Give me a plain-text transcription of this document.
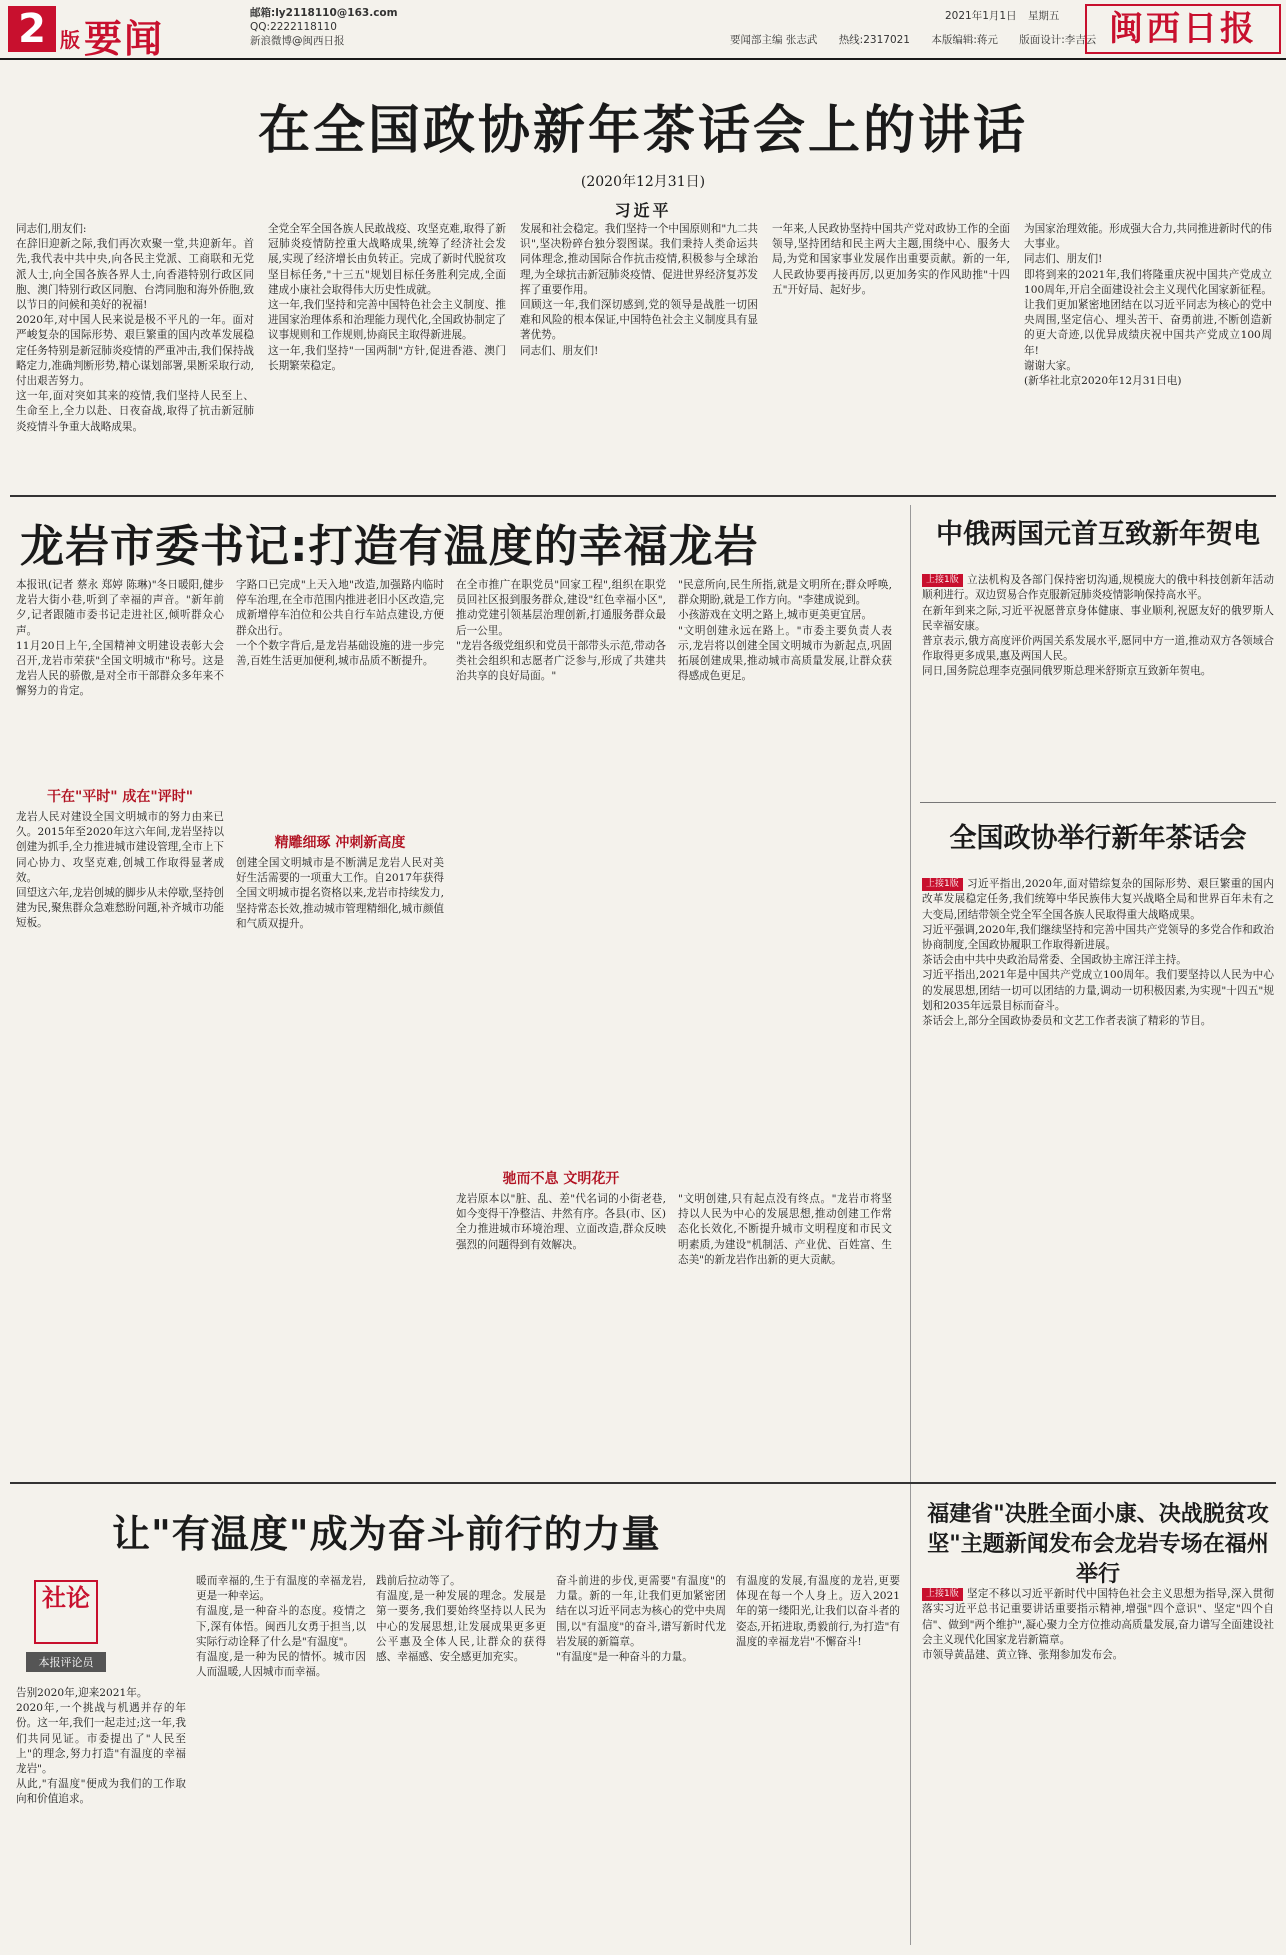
2 版 要闻
邮箱:ly2118110@163.com
QQ:2222118110
新浪微博@闽西日报	要闻部主编 张志武 热线:2317021 本版编辑:蒋元 版面设计:李吉云
2021年1月1日 星期五	闽西日报
在全国政协新年茶话会上的讲话
(2020年12月31日)
习近平
同志们,朋友们:
在辞旧迎新之际,我们再次欢聚一堂,共迎新年。首先,我代表中共中央,向各民主党派、工商联和无党派人士,向全国各族各界人士,向香港特别行政区同胞、澳门特别行政区同胞、台湾同胞和海外侨胞,致以节日的问候和美好的祝福!
2020年,对中国人民来说是极不平凡的一年。面对严峻复杂的国际形势、艰巨繁重的国内改革发展稳定任务特别是新冠肺炎疫情的严重冲击,我们保持战略定力,准确判断形势,精心谋划部署,果断采取行动,付出艰苦努力。
这一年,面对突如其来的疫情,我们坚持人民至上、生命至上,全力以赴、日夜奋战,取得了抗击新冠肺炎疫情斗争重大战略成果。
全党全军全国各族人民敢战疫、攻坚克难,取得了新冠肺炎疫情防控重大战略成果,统筹了经济社会发展,实现了经济增长由负转正。完成了新时代脱贫攻坚目标任务,"十三五"规划目标任务胜利完成,全面建成小康社会取得伟大历史性成就。
这一年,我们坚持和完善中国特色社会主义制度、推进国家治理体系和治理能力现代化,全国政协制定了议事规则和工作规则,协商民主取得新进展。
这一年,我们坚持"一国两制"方针,促进香港、澳门长期繁荣稳定。
发展和社会稳定。我们坚持一个中国原则和"九二共识",坚决粉碎台独分裂图谋。我们秉持人类命运共同体理念,推动国际合作抗击疫情,积极参与全球治理,为全球抗击新冠肺炎疫情、促进世界经济复苏发挥了重要作用。
回顾这一年,我们深切感到,党的领导是战胜一切困难和风险的根本保证,中国特色社会主义制度具有显著优势。
同志们、朋友们!
一年来,人民政协坚持中国共产党对政协工作的全面领导,坚持团结和民主两大主题,围绕中心、服务大局,为党和国家事业发展作出重要贡献。新的一年,人民政协要再接再厉,以更加务实的作风助推"十四五"开好局、起好步。
为国家治理效能。形成强大合力,共同推进新时代的伟大事业。
同志们、朋友们!
即将到来的2021年,我们将隆重庆祝中国共产党成立100周年,开启全面建设社会主义现代化国家新征程。让我们更加紧密地团结在以习近平同志为核心的党中央周围,坚定信心、埋头苦干、奋勇前进,不断创造新的更大奇迹,以优异成绩庆祝中国共产党成立100周年!
谢谢大家。
(新华社北京2020年12月31日电)
龙岩市委书记:打造有温度的幸福龙岩
本报讯(记者 蔡永 郑婷 陈琳)"冬日暖阳,健步龙岩大街小巷,听到了幸福的声音。"新年前夕,记者跟随市委书记走进社区,倾听群众心声。
11月20日上午,全国精神文明建设表彰大会召开,龙岩市荣获"全国文明城市"称号。这是龙岩人民的骄傲,是对全市干部群众多年来不懈努力的肯定。
干在"平时" 成在"评时"
龙岩人民对建设全国文明城市的努力由来已久。2015年至2020年这六年间,龙岩坚持以创建为抓手,全力推进城市建设管理,全市上下同心协力、攻坚克难,创城工作取得显著成效。
回望这六年,龙岩创城的脚步从未停歇,坚持创建为民,聚焦群众急难愁盼问题,补齐城市功能短板。
字路口已完成"上天入地"改造,加强路内临时停车治理,在全市范围内推进老旧小区改造,完成新增停车泊位和公共自行车站点建设,方便群众出行。
一个个数字背后,是龙岩基础设施的进一步完善,百姓生活更加便利,城市品质不断提升。
精雕细琢 冲刺新高度
创建全国文明城市是不断满足龙岩人民对美好生活需要的一项重大工作。自2017年获得全国文明城市提名资格以来,龙岩市持续发力,坚持常态长效,推动城市管理精细化,城市颜值和气质双提升。
在全市推广在职党员"回家工程",组织在职党员回社区报到服务群众,建设"红色幸福小区",推动党建引领基层治理创新,打通服务群众最后一公里。
"龙岩各级党组织和党员干部带头示范,带动各类社会组织和志愿者广泛参与,形成了共建共治共享的良好局面。"
驰而不息 文明花开
龙岩原本以"脏、乱、差"代名词的小街老巷,如今变得干净整洁、井然有序。各县(市、区)全力推进城市环境治理、立面改造,群众反映强烈的问题得到有效解决。
"民意所向,民生所指,就是文明所在;群众呼唤,群众期盼,就是工作方向。"李建成说到。
小孩游戏在文明之路上,城市更美更宜居。
"文明创建永远在路上。"市委主要负责人表示,龙岩将以创建全国文明城市为新起点,巩固拓展创建成果,推动城市高质量发展,让群众获得感成色更足。
"文明创建,只有起点没有终点。"龙岩市将坚持以人民为中心的发展思想,推动创建工作常态化长效化,不断提升城市文明程度和市民文明素质,为建设"机制活、产业优、百姓富、生态美"的新龙岩作出新的更大贡献。
中俄两国元首互致新年贺电

上接1版 立法机构及各部门保持密切沟通,规模庞大的俄中科技创新年活动顺利进行。双边贸易合作克服新冠肺炎疫情影响保持高水平。
在新年到来之际,习近平祝愿普京身体健康、事业顺利,祝愿友好的俄罗斯人民幸福安康。
普京表示,俄方高度评价两国关系发展水平,愿同中方一道,推动双方各领域合作取得更多成果,惠及两国人民。
同日,国务院总理李克强同俄罗斯总理米舒斯京互致新年贺电。

全国政协举行新年茶话会

上接1版 习近平指出,2020年,面对错综复杂的国际形势、艰巨繁重的国内改革发展稳定任务,我们统筹中华民族伟大复兴战略全局和世界百年未有之大变局,团结带领全党全军全国各族人民取得重大战略成果。
习近平强调,2020年,我们继续坚持和完善中国共产党领导的多党合作和政治协商制度,全国政协履职工作取得新进展。
茶话会由中共中央政治局常委、全国政协主席汪洋主持。
习近平指出,2021年是中国共产党成立100周年。我们要坚持以人民为中心的发展思想,团结一切可以团结的力量,调动一切积极因素,为实现"十四五"规划和2035年远景目标而奋斗。
茶话会上,部分全国政协委员和文艺工作者表演了精彩的节目。

福建省"决胜全面小康、决战脱贫攻坚"主题新闻发布会龙岩专场在福州举行

上接1版 坚定不移以习近平新时代中国特色社会主义思想为指导,深入贯彻落实习近平总书记重要讲话重要指示精神,增强"四个意识"、坚定"四个自信"、做到"两个维护",凝心聚力全方位推动高质量发展,奋力谱写全面建设社会主义现代化国家龙岩新篇章。
市领导黄晶建、黄立锋、张翔参加发布会。

让"有温度"成为奋斗前行的力量
社论
本报评论员
告别2020年,迎来2021年。
2020年,一个挑战与机遇并存的年份。这一年,我们一起走过;这一年,我们共同见证。市委提出了"人民至上"的理念,努力打造"有温度的幸福龙岩"。
从此,"有温度"便成为我们的工作取向和价值追求。
暖而幸福的,生于有温度的幸福龙岩,更是一种幸运。
有温度,是一种奋斗的态度。疫情之下,深有体悟。闽西儿女勇于担当,以实际行动诠释了什么是"有温度"。
有温度,是一种为民的情怀。城市因人而温暖,人因城市而幸福。
践前后拉动等了。
有温度,是一种发展的理念。发展是第一要务,我们要始终坚持以人民为中心的发展思想,让发展成果更多更公平惠及全体人民,让群众的获得感、幸福感、安全感更加充实。
奋斗前进的步伐,更需要"有温度"的力量。新的一年,让我们更加紧密团结在以习近平同志为核心的党中央周围,以"有温度"的奋斗,谱写新时代龙岩发展的新篇章。
"有温度"是一种奋斗的力量。
有温度的发展,有温度的龙岩,更要体现在每一个人身上。迈入2021年的第一缕阳光,让我们以奋斗者的姿态,开拓进取,勇毅前行,为打造"有温度的幸福龙岩"不懈奋斗!
